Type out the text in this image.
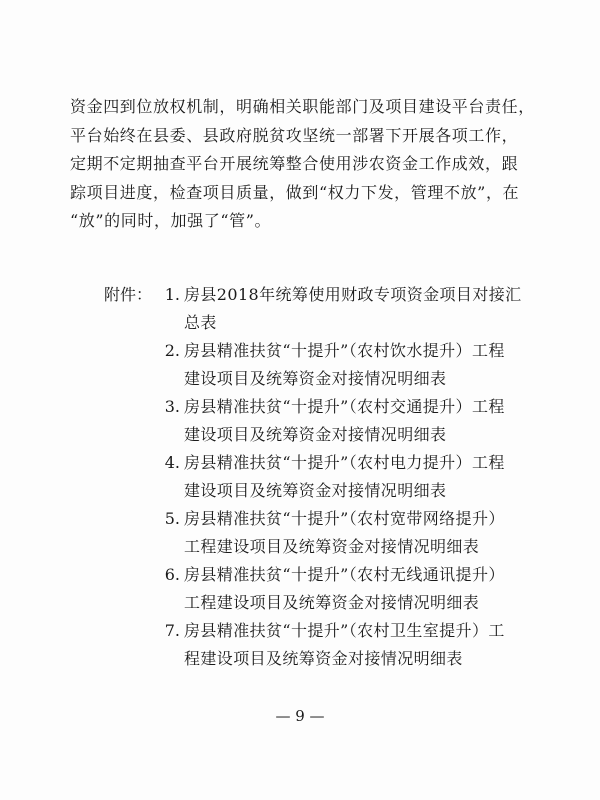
资金四到位放权机制，明确相关职能部门及项目建设平台责任，
平台始终在县委、县政府脱贫攻坚统一部署下开展各项工作，
定期不定期抽查平台开展统筹整合使用涉农资金工作成效，跟
踪项目进度，检查项目质量，做到“权力下发，管理不放”，在
“放”的同时，加强了“管”。
附件： 1. 房县2018年统筹使用财政专项资金项目对接汇
总表
2. 房县精准扶贫“十提升”（农村饮水提升）工程
建设项目及统筹资金对接情况明细表
3. 房县精准扶贫“十提升”（农村交通提升）工程
建设项目及统筹资金对接情况明细表
4. 房县精准扶贫“十提升”（农村电力提升）工程
建设项目及统筹资金对接情况明细表
5. 房县精准扶贫“十提升”（农村宽带网络提升）
工程建设项目及统筹资金对接情况明细表
6. 房县精准扶贫“十提升”（农村无线通讯提升）
工程建设项目及统筹资金对接情况明细表
7. 房县精准扶贫“十提升”（农村卫生室提升）工
程建设项目及统筹资金对接情况明细表
— 9 —
